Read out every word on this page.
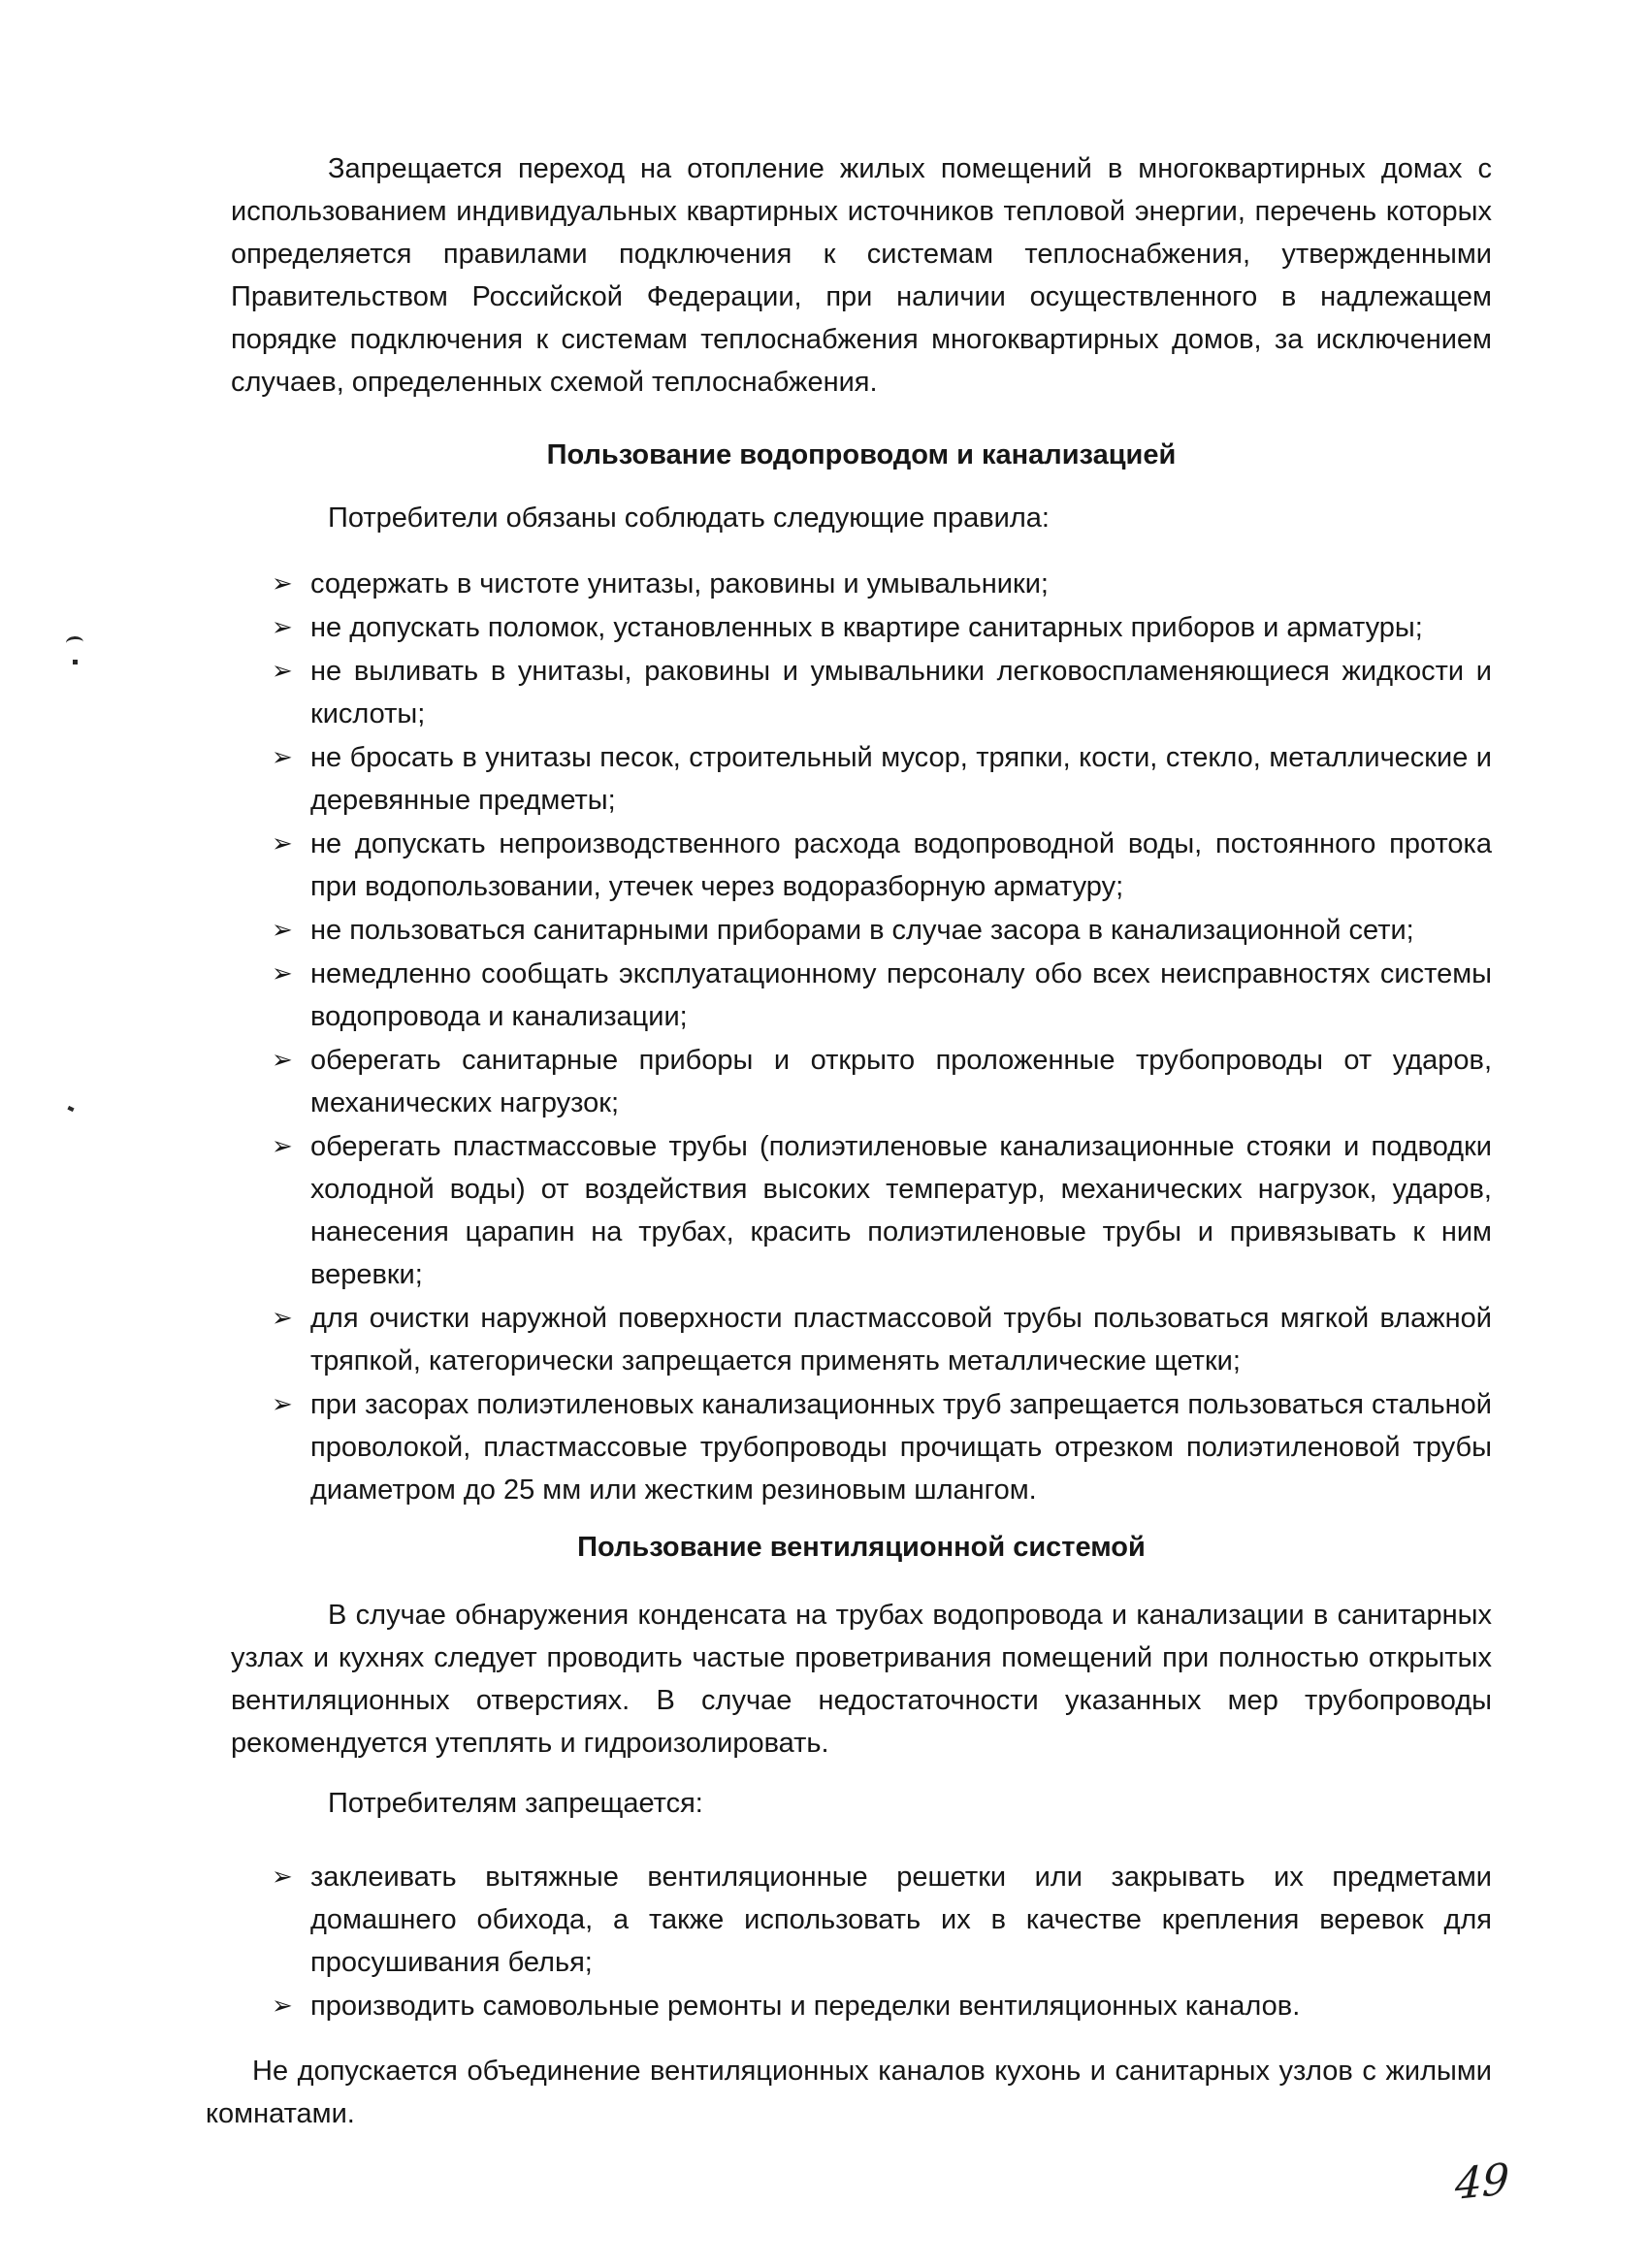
Запрещается переход на отопление жилых помещений в многоквартирных домах с использованием индивидуальных квартирных источников тепловой энергии, перечень которых определяется правилами подключения к системам теплоснабжения, утвержденными Правительством Российской Федерации, при наличии осуществленного в надлежащем порядке подключения к системам теплоснабжения многоквартирных домов, за исключением случаев, определенных схемой теплоснабжения.

Пользование водопроводом и канализацией

Потребители обязаны соблюдать следующие правила:

➢ содержать в чистоте унитазы, раковины и умывальники;
➢ не допускать поломок, установленных в квартире санитарных приборов и арматуры;
➢ не выливать в унитазы, раковины и умывальники легковоспламеняющиеся жидкости и кислоты;
➢ не бросать в унитазы песок, строительный мусор, тряпки, кости, стекло, металлические и деревянные предметы;
➢ не допускать непроизводственного расхода водопроводной воды, постоянного протока при водопользовании, утечек через водоразборную арматуру;
➢ не пользоваться санитарными приборами в случае засора в канализационной сети;
➢ немедленно сообщать эксплуатационному персоналу обо всех неисправностях системы водопровода и канализации;
➢ оберегать санитарные приборы и открыто проложенные трубопроводы от ударов, механических нагрузок;
➢ оберегать пластмассовые трубы (полиэтиленовые канализационные стояки и подводки холодной воды) от воздействия высоких температур, механических нагрузок, ударов, нанесения царапин на трубах, красить полиэтиленовые трубы и привязывать к ним веревки;
➢ для очистки наружной поверхности пластмассовой трубы пользоваться мягкой влажной тряпкой, категорически запрещается применять металлические щетки;
➢ при засорах полиэтиленовых канализационных труб запрещается пользоваться стальной проволокой, пластмассовые трубопроводы прочищать отрезком полиэтиленовой трубы диаметром до 25 мм или жестким резиновым шлангом.
Пользование вентиляционной системой

В случае обнаружения конденсата на трубах водопровода и канализации в санитарных узлах и кухнях следует проводить частые проветривания помещений при полностью открытых вентиляционных отверстиях. В случае недостаточности указанных мер трубопроводы рекомендуется утеплять и гидроизолировать.

Потребителям запрещается:

➢ заклеивать вытяжные вентиляционные решетки или закрывать их предметами домашнего обихода, а также использовать их в качестве крепления веревок для просушивания белья;
➢ производить самовольные ремонты и переделки вентиляционных каналов.

Не допускается объединение вентиляционных каналов кухонь и санитарных узлов с жилыми комнатами.

49
